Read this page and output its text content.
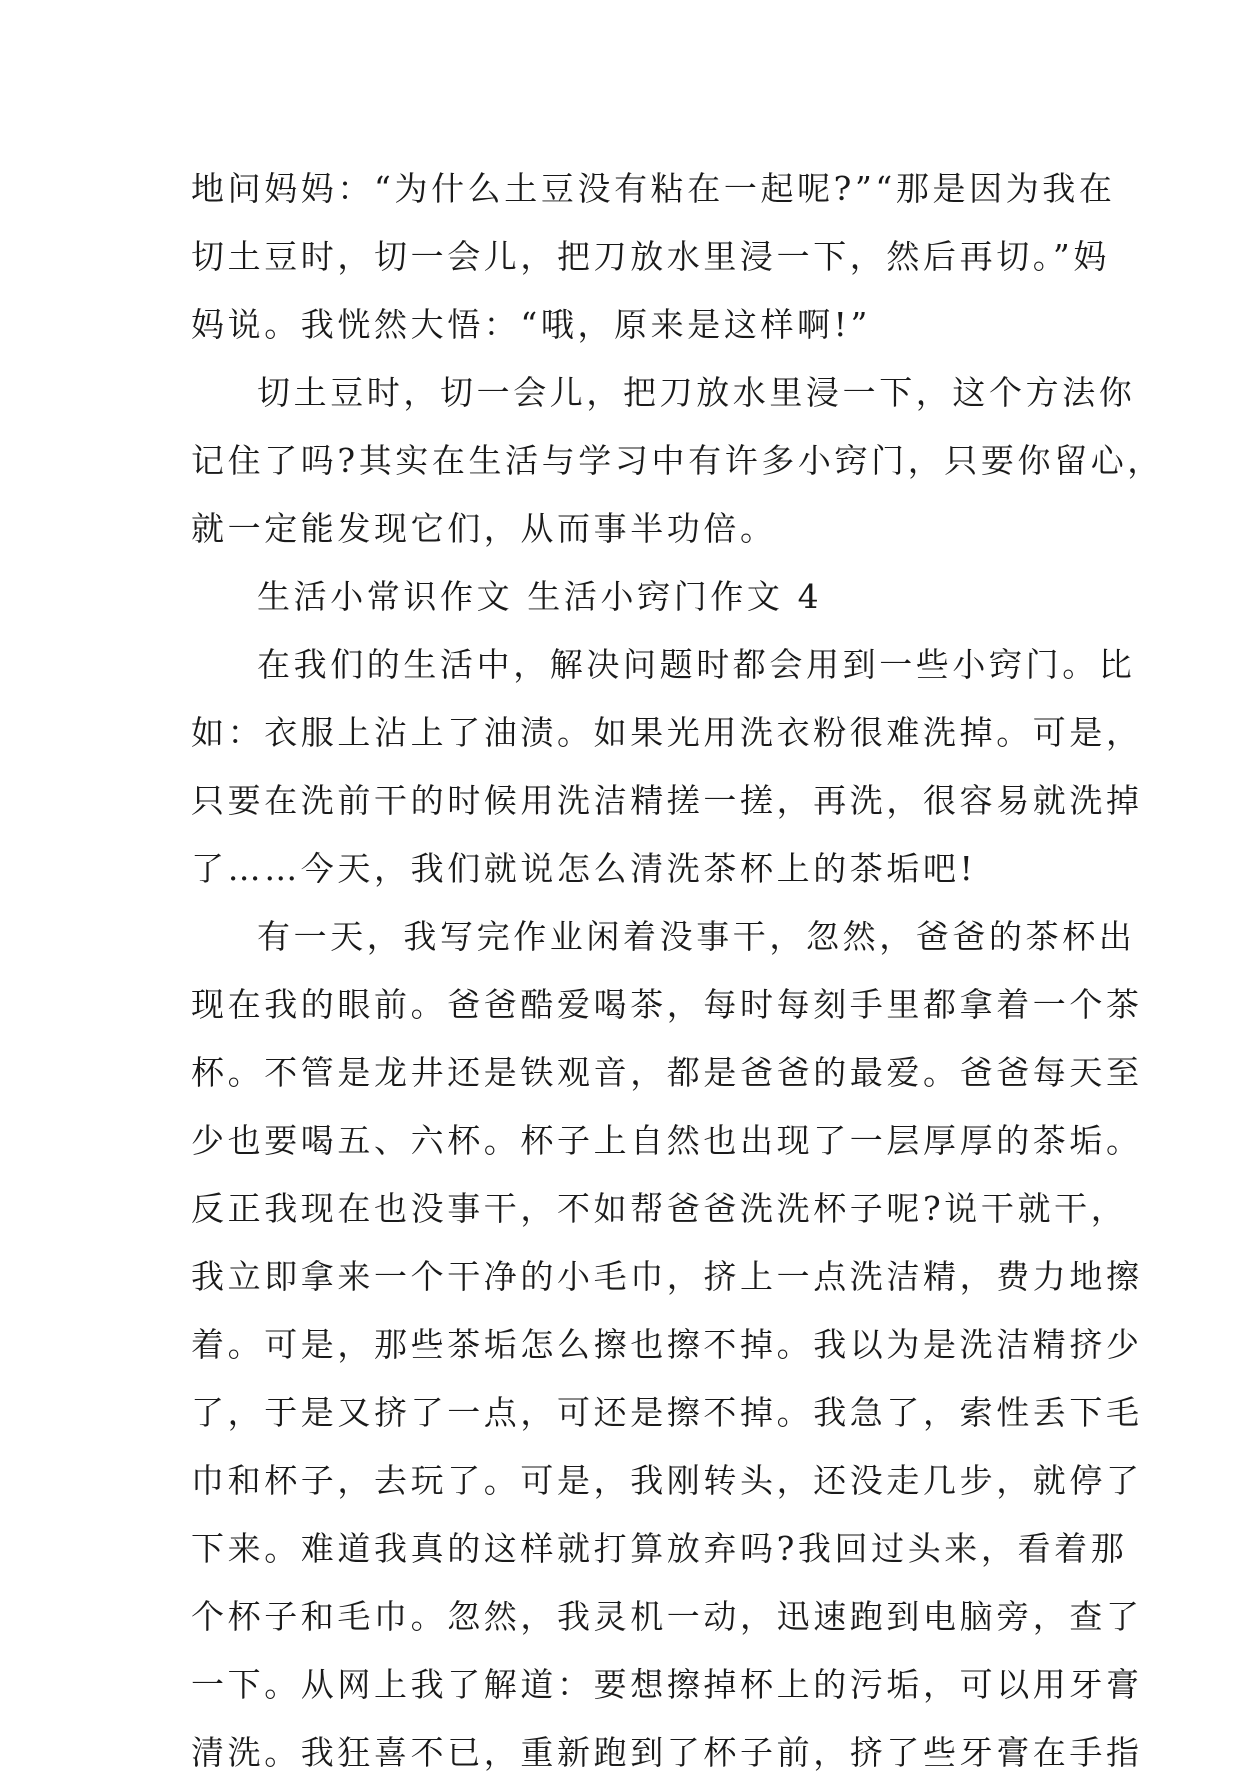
地问妈妈：“为什么土豆没有粘在一起呢?”“那是因为我在
切土豆时，切一会儿，把刀放水里浸一下，然后再切。”妈
妈说。我恍然大悟：“哦，原来是这样啊!”
切土豆时，切一会儿，把刀放水里浸一下，这个方法你
记住了吗?其实在生活与学习中有许多小窍门，只要你留心，
就一定能发现它们，从而事半功倍。
生活小常识作文 生活小窍门作文 4
在我们的生活中，解决问题时都会用到一些小窍门。比
如：衣服上沾上了油渍。如果光用洗衣粉很难洗掉。可是，
只要在洗前干的时候用洗洁精搓一搓，再洗，很容易就洗掉
了……今天，我们就说怎么清洗茶杯上的茶垢吧!
有一天，我写完作业闲着没事干，忽然，爸爸的茶杯出
现在我的眼前。爸爸酷爱喝茶，每时每刻手里都拿着一个茶
杯。不管是龙井还是铁观音，都是爸爸的最爱。爸爸每天至
少也要喝五、六杯。杯子上自然也出现了一层厚厚的茶垢。
反正我现在也没事干，不如帮爸爸洗洗杯子呢?说干就干，
我立即拿来一个干净的小毛巾，挤上一点洗洁精，费力地擦
着。可是，那些茶垢怎么擦也擦不掉。我以为是洗洁精挤少
了，于是又挤了一点，可还是擦不掉。我急了，索性丢下毛
巾和杯子，去玩了。可是，我刚转头，还没走几步，就停了
下来。难道我真的这样就打算放弃吗?我回过头来，看着那
个杯子和毛巾。忽然，我灵机一动，迅速跑到电脑旁，查了
一下。从网上我了解道：要想擦掉杯上的污垢，可以用牙膏
清洗。我狂喜不已，重新跑到了杯子前，挤了些牙膏在手指
